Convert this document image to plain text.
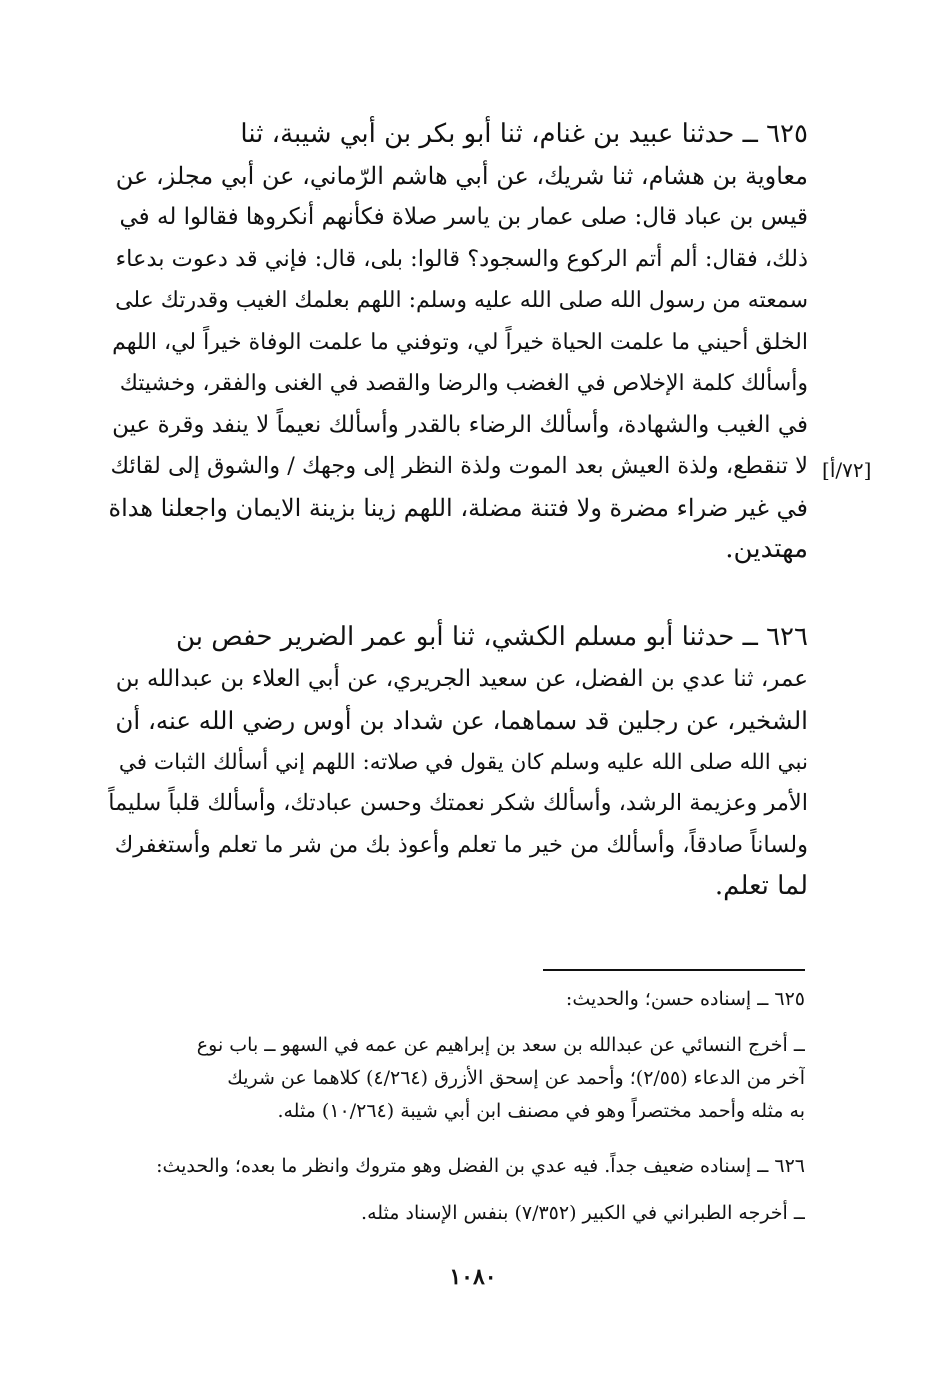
٦٢٥ ــ حدثنا عبيد بن غنام، ثنا أبو بكر بن أبي شيبة، ثنا
معاوية بن هشام، ثنا شريك، عن أبي هاشم الرّماني، عن أبي مجلز، عن
قيس بن عباد قال: صلى عمار بن ياسر صلاة فكأنهم أنكروها فقالوا له في
ذلك، فقال: ألم أتم الركوع والسجود؟ قالوا: بلى، قال: فإني قد دعوت بدعاء
سمعته من رسول الله صلى الله عليه وسلم: اللهم بعلمك الغيب وقدرتك على
الخلق أحيني ما علمت الحياة خيراً لي، وتوفني ما علمت الوفاة خيراً لي، اللهم
وأسألك كلمة الإخلاص في الغضب والرضا والقصد في الغنى والفقر، وخشيتك
في الغيب والشهادة، وأسألك الرضاء بالقدر وأسألك نعيماً لا ينفد وقرة عين
لا تنقطع، ولذة العيش بعد الموت ولذة النظر إلى وجهك / والشوق إلى لقائك
في غير ضراء مضرة ولا فتنة مضلة، اللهم زينا بزينة الايمان واجعلنا هداة
مهتدين.
[٧٢/أ]
٦٢٦ ــ حدثنا أبو مسلم الكشي، ثنا أبو عمر الضرير حفص بن
عمر، ثنا عدي بن الفضل، عن سعيد الجريري، عن أبي العلاء بن عبدالله بن
الشخير، عن رجلين قد سماهما، عن شداد بن أوس رضي الله عنه، أن
نبي الله صلى الله عليه وسلم كان يقول في صلاته: اللهم إني أسألك الثبات في
الأمر وعزيمة الرشد، وأسألك شكر نعمتك وحسن عبادتك، وأسألك قلباً سليماً
ولساناً صادقاً، وأسألك من خير ما تعلم وأعوذ بك من شر ما تعلم وأستغفرك
لما تعلم.
٦٢٥ ــ إسناده حسن؛ والحديث:
ــ أخرج النسائي عن عبدالله بن سعد بن إبراهيم عن عمه في السهو ــ باب نوع
آخر من الدعاء (٢/٥٥)؛ وأحمد عن إسحق الأزرق (٤/٢٦٤) كلاهما عن شريك
به مثله وأحمد مختصراً وهو في مصنف ابن أبي شيبة (١٠/٢٦٤) مثله.
٦٢٦ ــ إسناده ضعيف جداً. فيه عدي بن الفضل وهو متروك وانظر ما بعده؛ والحديث:
ــ أخرجه الطبراني في الكبير (٧/٣٥٢) بنفس الإسناد مثله.
١٠٨٠
